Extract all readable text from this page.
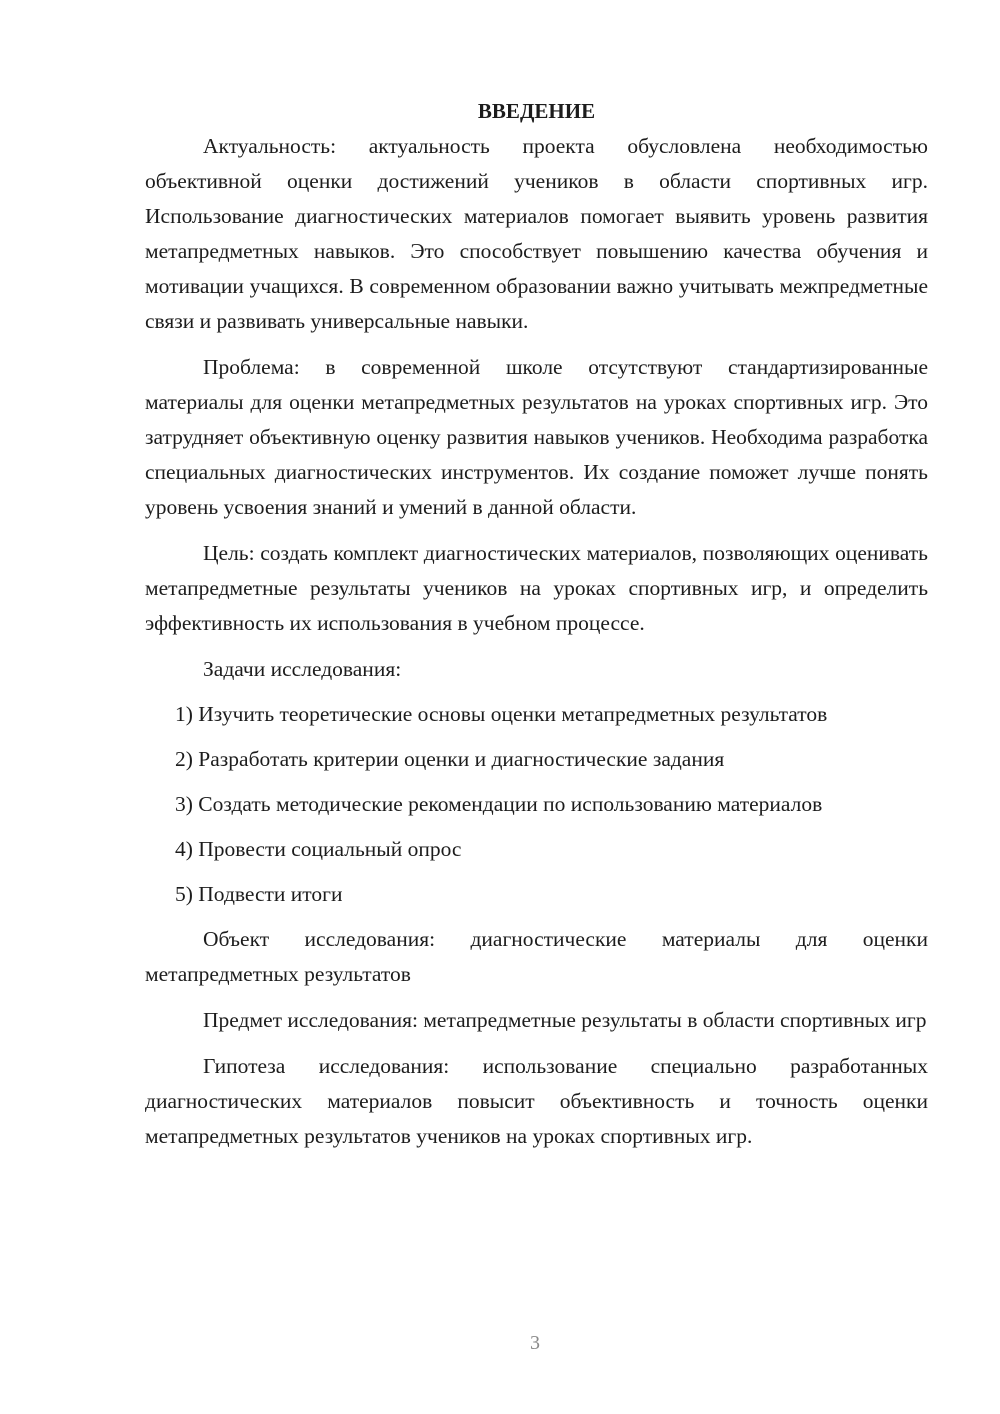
ВВЕДЕНИЕ

Актуальность: актуальность проекта обусловлена необходимостью объективной оценки достижений учеников в области спортивных игр. Использование диагностических материалов помогает выявить уровень развития метапредметных навыков. Это способствует повышению качества обучения и мотивации учащихся. В современном образовании важно учитывать межпредметные связи и развивать универсальные навыки.

Проблема: в современной школе отсутствуют стандартизированные материалы для оценки метапредметных результатов на уроках спортивных игр. Это затрудняет объективную оценку развития навыков учеников. Необходима разработка специальных диагностических инструментов. Их создание поможет лучше понять уровень усвоения знаний и умений в данной области.

Цель: создать комплект диагностических материалов, позволяющих оценивать метапредметные результаты учеников на уроках спортивных игр, и определить эффективность их использования в учебном процессе.

Задачи исследования:

1) Изучить теоретические основы оценки метапредметных результатов
2) Разработать критерии оценки и диагностические задания
3) Создать методические рекомендации по использованию материалов
4) Провести социальный опрос
5) Подвести итоги

Объект исследования: диагностические материалы для оценки метапредметных результатов

Предмет исследования: метапредметные результаты в области спортивных игр

Гипотеза исследования: использование специально разработанных диагностических материалов повысит объективность и точность оценки метапредметных результатов учеников на уроках спортивных игр.

3
